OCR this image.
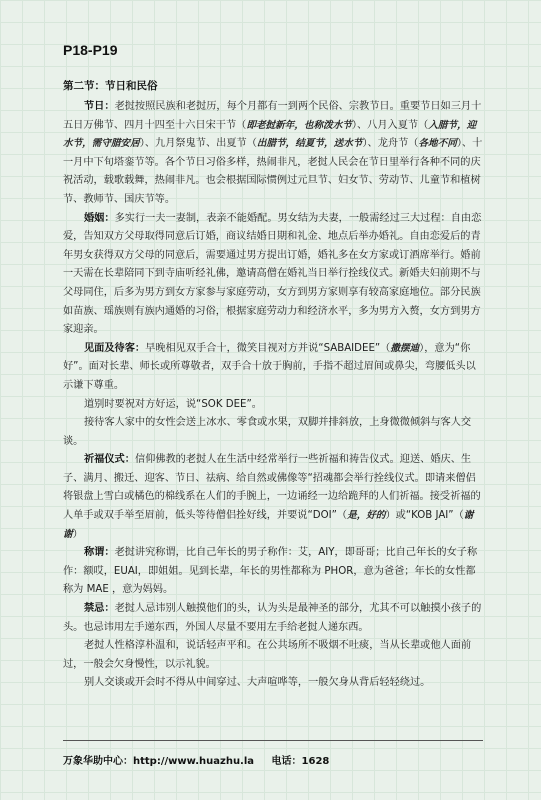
P18-P19
第二节：节日和民俗

节日：老挝按照民族和老挝历，每个月都有一到两个民俗、宗教节日。重要节日如三月十五日万佛节、四月十四至十六日宋干节（即老挝新年，也称泼水节）、八月入夏节（入腊节，迎水节，需守腊安居）、九月祭鬼节、出夏节（出腊节，结夏节，送水节）、龙舟节（各地不同）、十一月中下旬塔銮节等。各个节日习俗多样，热闹非凡，老挝人民会在节日里举行各种不同的庆祝活动，载歌载舞，热闹非凡。也会根据国际惯例过元旦节、妇女节、劳动节、儿童节和植树节、教师节、国庆节等。

婚姻：多实行一夫一妻制，表亲不能婚配。男女结为夫妻，一般需经过三大过程：自由恋爱，告知双方父母取得同意后订婚，商议结婚日期和礼金、地点后举办婚礼。自由恋爱后的青年男女获得双方父母的同意后，需要通过男方提出订婚，婚礼多在女方家或订酒席举行。婚前一天需在长辈陪同下到寺庙听经礼佛，邀请高僧在婚礼当日举行拴线仪式。新婚夫妇前期不与父母同住，后多为男方到女方家参与家庭劳动，女方到男方家则享有较高家庭地位。部分民族如苗族、瑶族则有族内通婚的习俗，根据家庭劳动力和经济水平，多为男方入赘，女方到男方家迎亲。

见面及待客：早晚相见双手合十，微笑目视对方并说“SABAIDEE”（撒摆迪），意为“你好”。面对长辈、师长或所尊敬者，双手合十放于胸前，手指不超过眉间或鼻尖，弯腰低头以示谦下尊重。

道别时要祝对方好运，说“SOK DEE”。

接待客人家中的女性会送上冰水、零食或水果，双脚并排斜放，上身微微倾斜与客人交谈。

祈福仪式：信仰佛教的老挝人在生活中经常举行一些祈福和祷告仪式。迎送、婚庆、生子、满月、搬迁、迎客、节日、祛病、给自然或佛像等“招魂都会举行拴线仪式。即请来僧侣将银盘上雪白或橘色的棉线系在人们的手腕上，一边诵经一边给跪拜的人们祈福。接受祈福的人单手或双手举至眉前，低头等待僧侣拴好线，并要说“DOI”（是，好的）或“KOB JAI”（谢谢）

称谓：老挝讲究称谓，比自己年长的男子称作：艾，AIY，即哥哥；比自己年长的女子称作：额哎，EUAI，即姐姐。见到长辈，年长的男性都称为 PHOR，意为爸爸；年长的女性都称为 MAE ，意为妈妈。

禁忌：老挝人忌讳别人触摸他们的头，认为头是最神圣的部分，尤其不可以触摸小孩子的头。也忌讳用左手递东西，外国人尽量不要用左手给老挝人递东西。

老挝人性格淳朴温和，说话轻声平和。在公共场所不吸烟不吐痰，当从长辈或他人面前过，一般会欠身慢性，以示礼貌。

别人交谈或开会时不得从中间穿过、大声喧哗等，一般欠身从背后轻轻绕过。

万象华助中心：http://www.huazhu.la 电话：1628
